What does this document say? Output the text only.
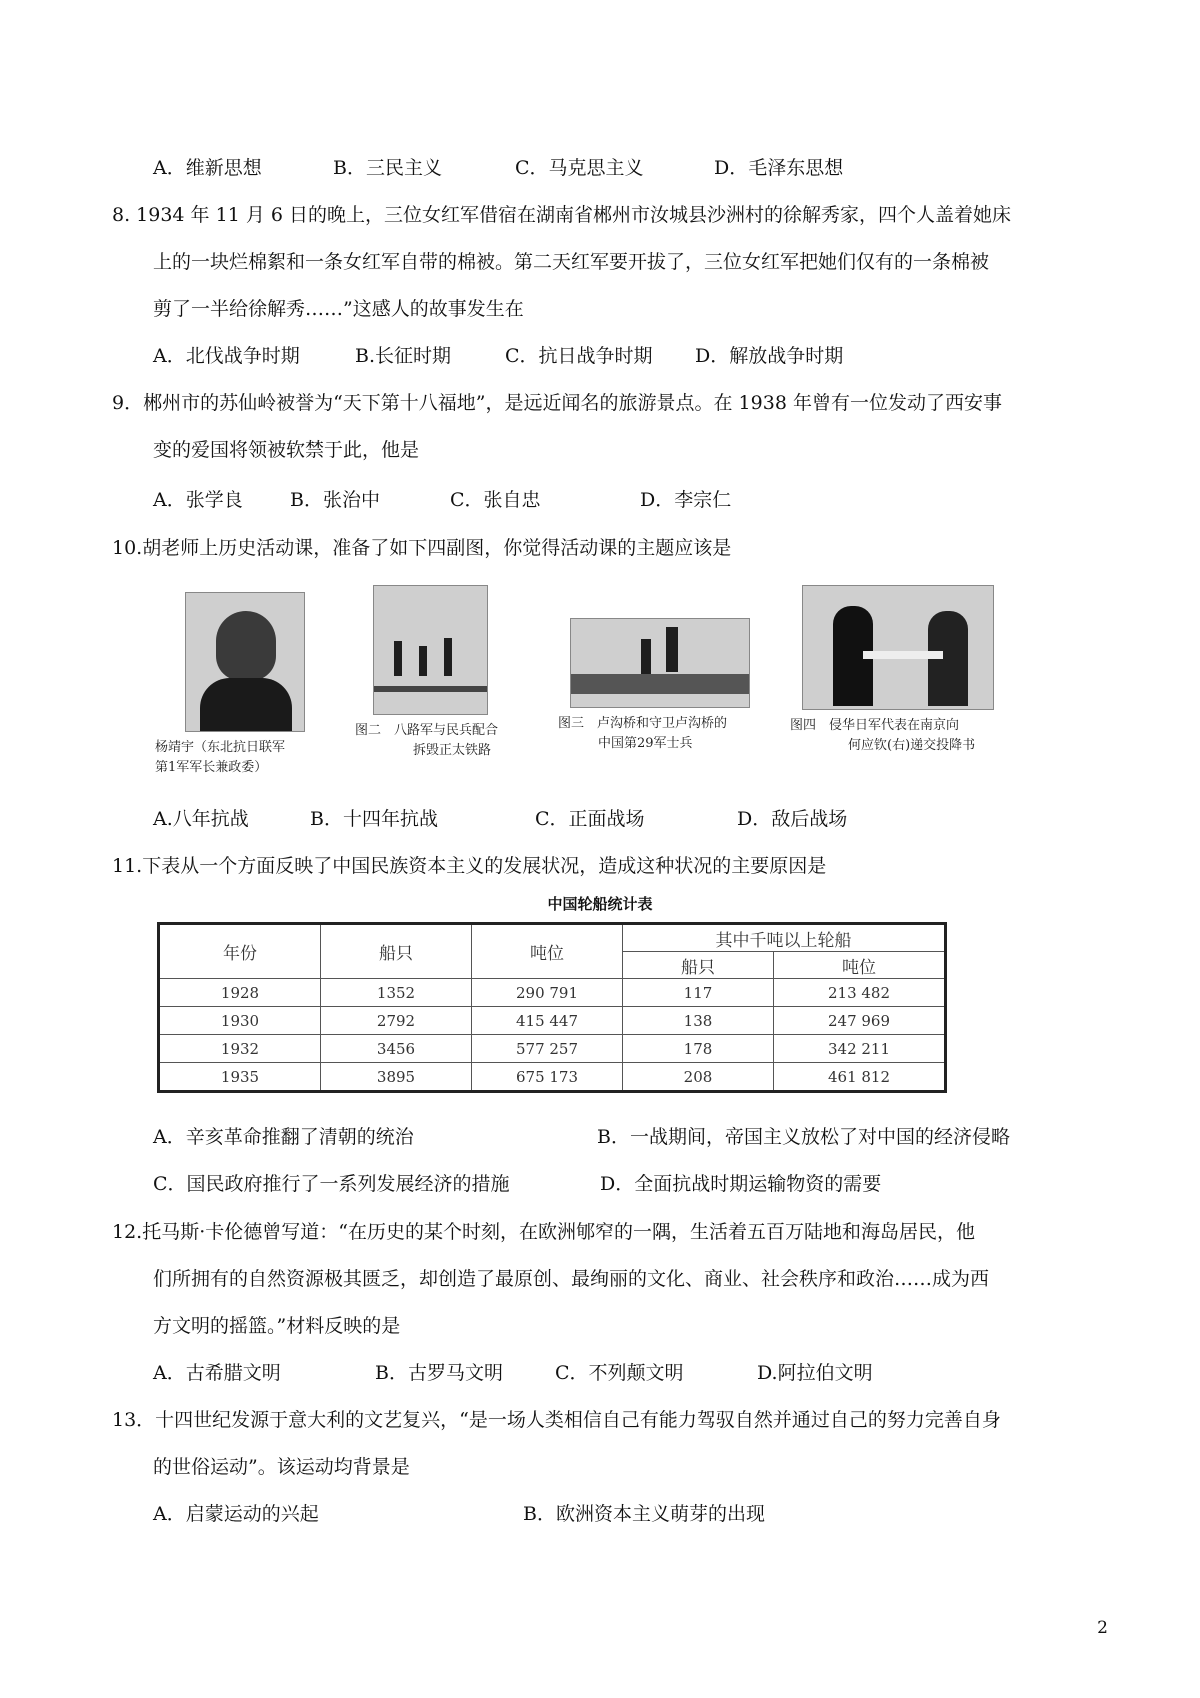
A．维新思想	B．三民主义	C．马克思主义	D．毛泽东思想
8. 1934 年 11 月 6 日的晚上，三位女红军借宿在湖南省郴州市汝城县沙洲村的徐解秀家，四个人盖着她床
上的一块烂棉絮和一条女红军自带的棉被。第二天红军要开拔了，三位女红军把她们仅有的一条棉被
剪了一半给徐解秀……”这感人的故事发生在
A．北伐战争时期	B.长征时期	C．抗日战争时期 D．解放战争时期
9．郴州市的苏仙岭被誉为“天下第十八福地”，是远近闻名的旅游景点。在 1938 年曾有一位发动了西安事
变的爱国将领被软禁于此，他是
A．张学良 B．张治中	C．张自忠	D．李宗仁
10.胡老师上历史活动课，准备了如下四副图，你觉得活动课的主题应该是
杨靖宇（东北抗日联军
第1军军长兼政委）
图二　八路军与民兵配合
拆毁正太铁路
图三　卢沟桥和守卫卢沟桥的
中国第29军士兵
图四　侵华日军代表在南京向
何应钦(右)递交投降书
A.八年抗战	B．十四年抗战	C．正面战场	D．敌后战场
11.下表从一个方面反映了中国民族资本主义的发展状况，造成这种状况的主要原因是
中国轮船统计表
年份	船只	吨位	其中千吨以上轮船	
			船只	吨位
1928	1352	290 791	117	213 482
1930	2792	415 447	138	247 969
1932	3456	577 257	178	342 211
1935	3895	675 173	208	461 812
A．辛亥革命推翻了清朝的统治	B．一战期间，帝国主义放松了对中国的经济侵略
C．国民政府推行了一系列发展经济的措施	D．全面抗战时期运输物资的需要
12.托马斯·卡伦德曾写道：“在历史的某个时刻，在欧洲郇窄的一隅，生活着五百万陆地和海岛居民，他
们所拥有的自然资源极其匮乏，却创造了最原创、最绚丽的文化、商业、社会秩序和政治……成为西
方文明的摇篮。”材料反映的是
A．古希腊文明	B．古罗马文明	C．不列颠文明	D.阿拉伯文明
13．十四世纪发源于意大利的文艺复兴，“是一场人类相信自己有能力驾驭自然并通过自己的努力完善自身
的世俗运动”。该运动均背景是
A．启蒙运动的兴起	B．欧洲资本主义萌芽的出现
2
